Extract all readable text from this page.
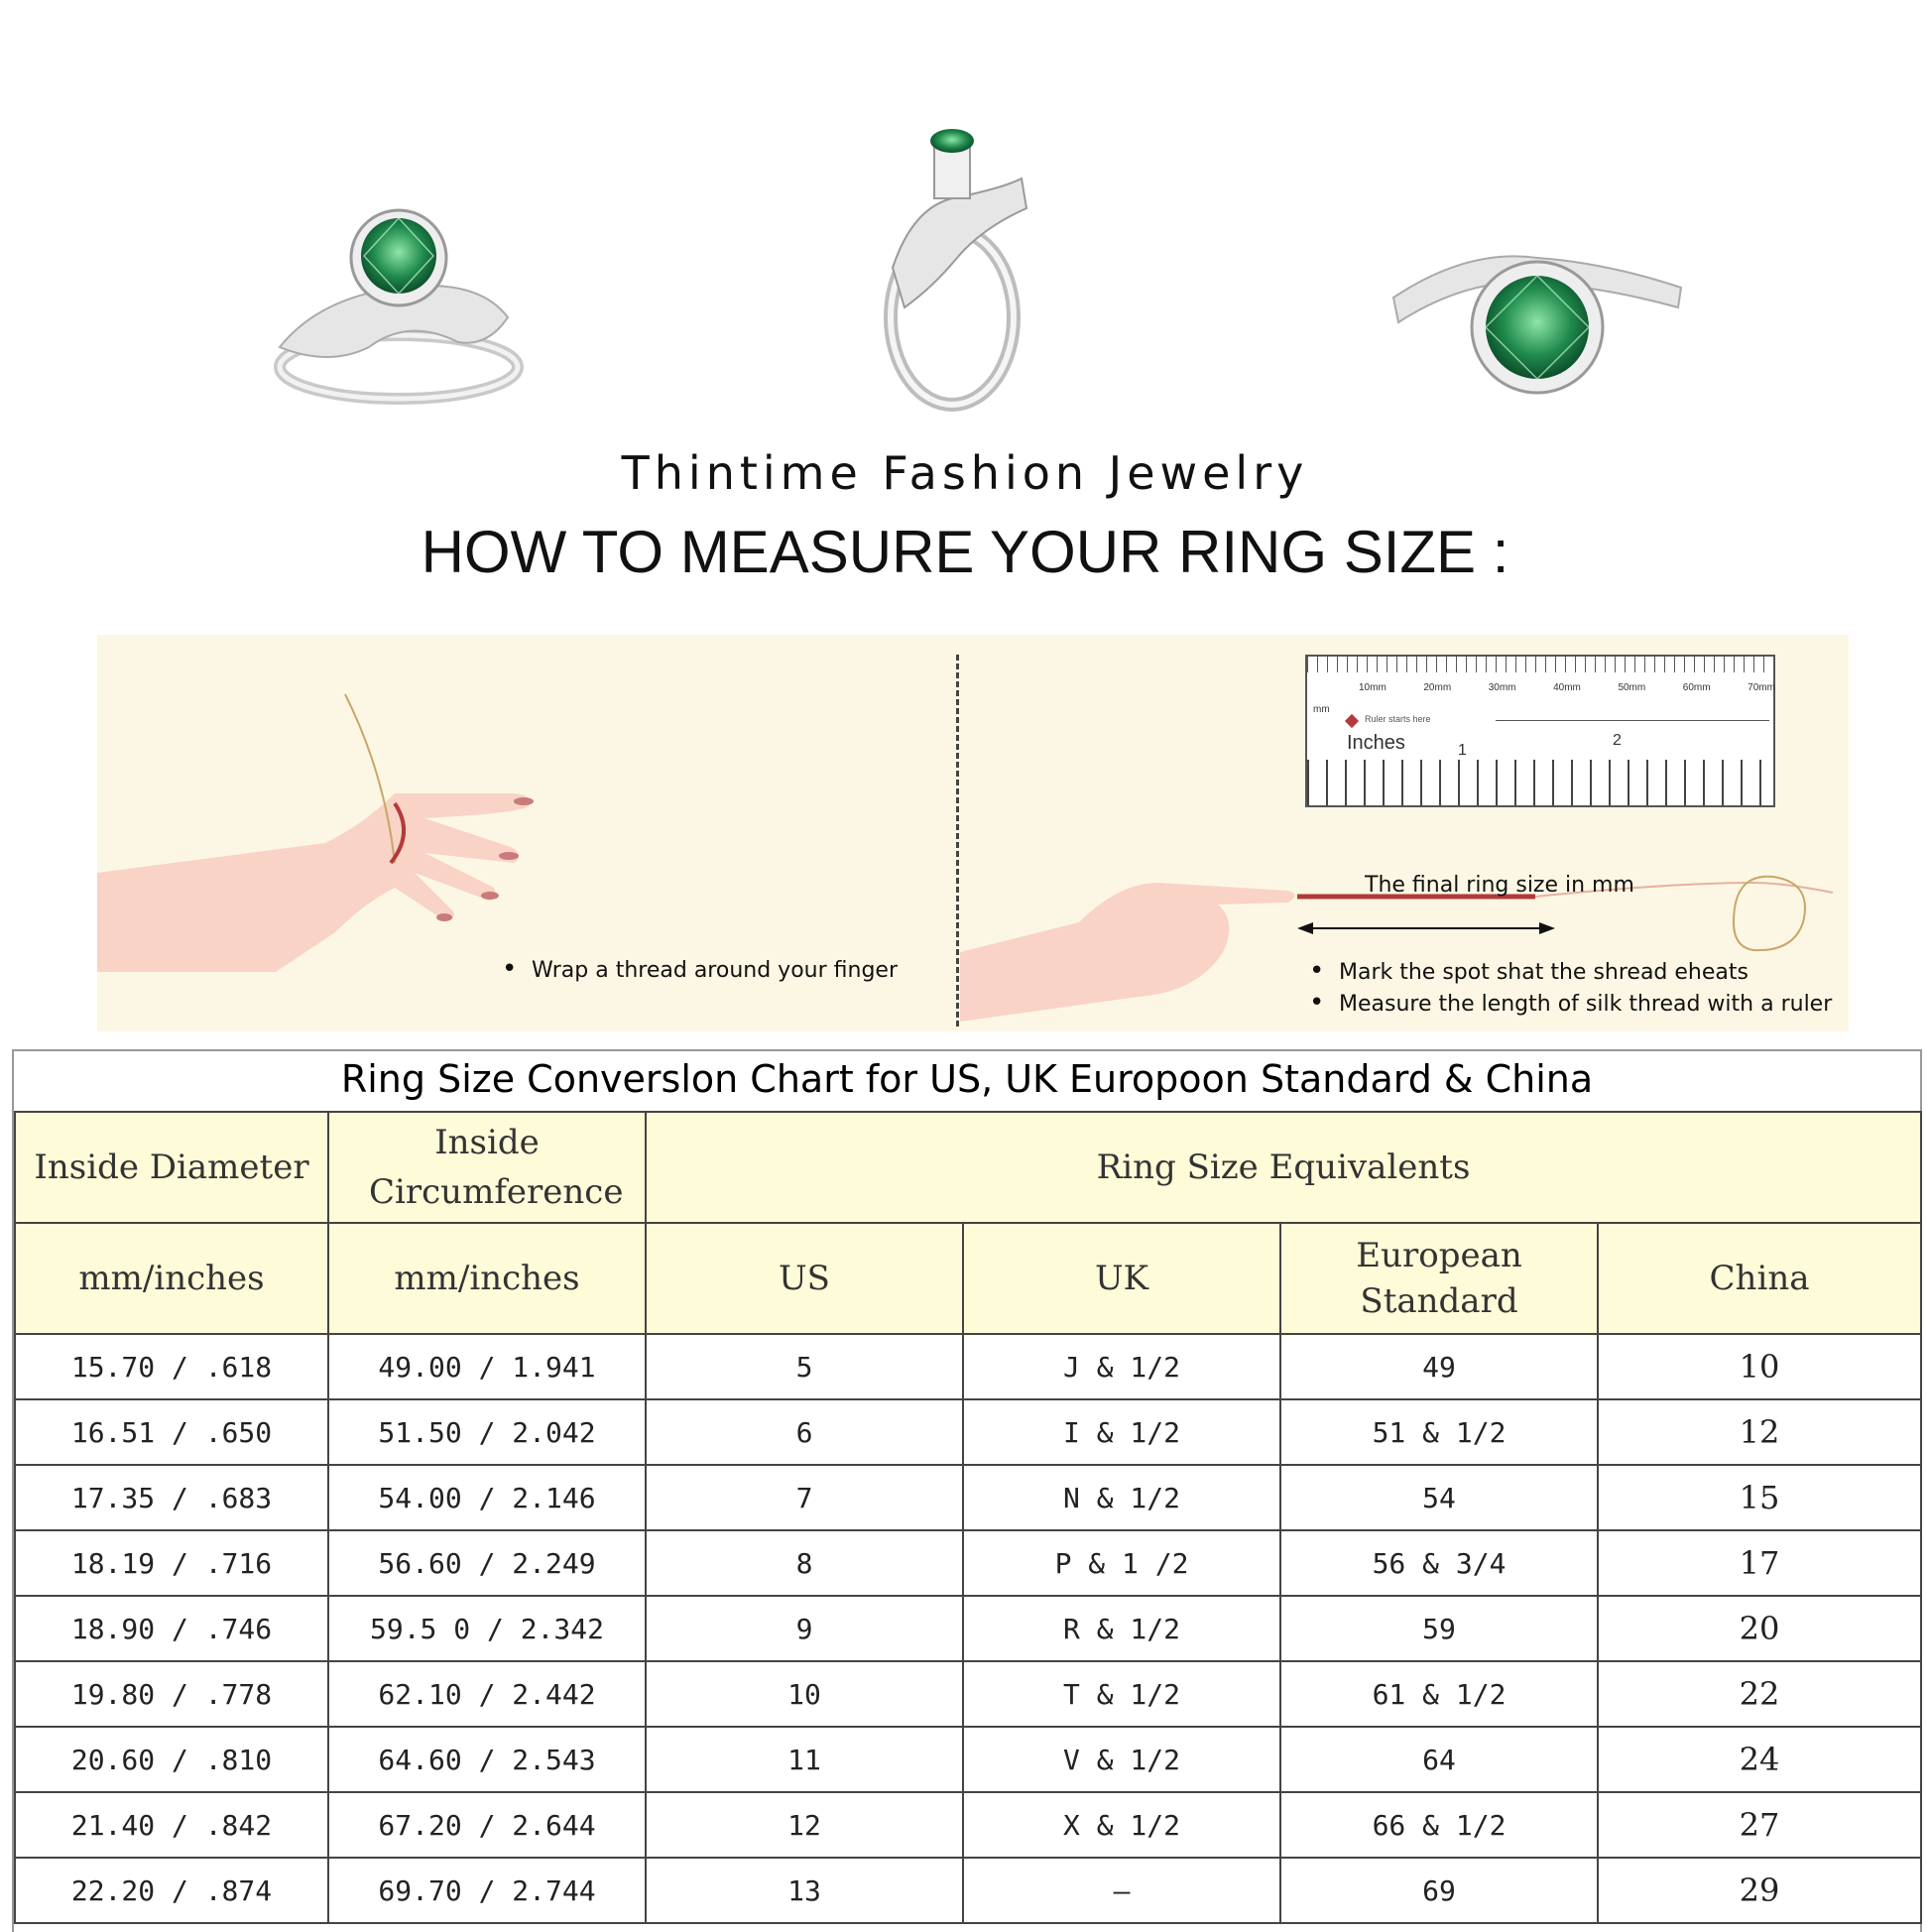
Thintime Fashion Jewelry
HOW TO MEASURE YOUR RING SIZE :
• Wrap a thread around your finger
10mm	20mm	30mm	40mm	50mm	60mm	70mm
mm
Ruler starts here
Inches	1
2
The final ring size in mm
• Mark the spot shat the shread eheats
• Measure the length of silk thread with a ruler
Ring Size Converslon Chart for US, UK Europoon Standard & China
Inside Diameter	Inside Circumference	Ring Size Equivalents			
mm/inches	mm/inches	US	UK	European Standard	China
15.70 / .618	49.00 / 1.941	5	J & 1/2	49	10
16.51 / .650	51.50 / 2.042	6	I & 1/2	51 & 1/2	12
17.35 / .683	54.00 / 2.146	7	N & 1/2	54	15
18.19 / .716	56.60 / 2.249	8	P & 1 /2	56 & 3/4	17
18.90 / .746	59.5 0 / 2.342	9	R & 1/2	59	20
19.80 / .778	62.10 / 2.442	10	T & 1/2	61 & 1/2	22
20.60 / .810	64.60 / 2.543	11	V & 1/2	64	24
21.40 / .842	67.20 / 2.644	12	X & 1/2	66 & 1/2	27
22.20 / .874	69.70 / 2.744	13	—	69	29
